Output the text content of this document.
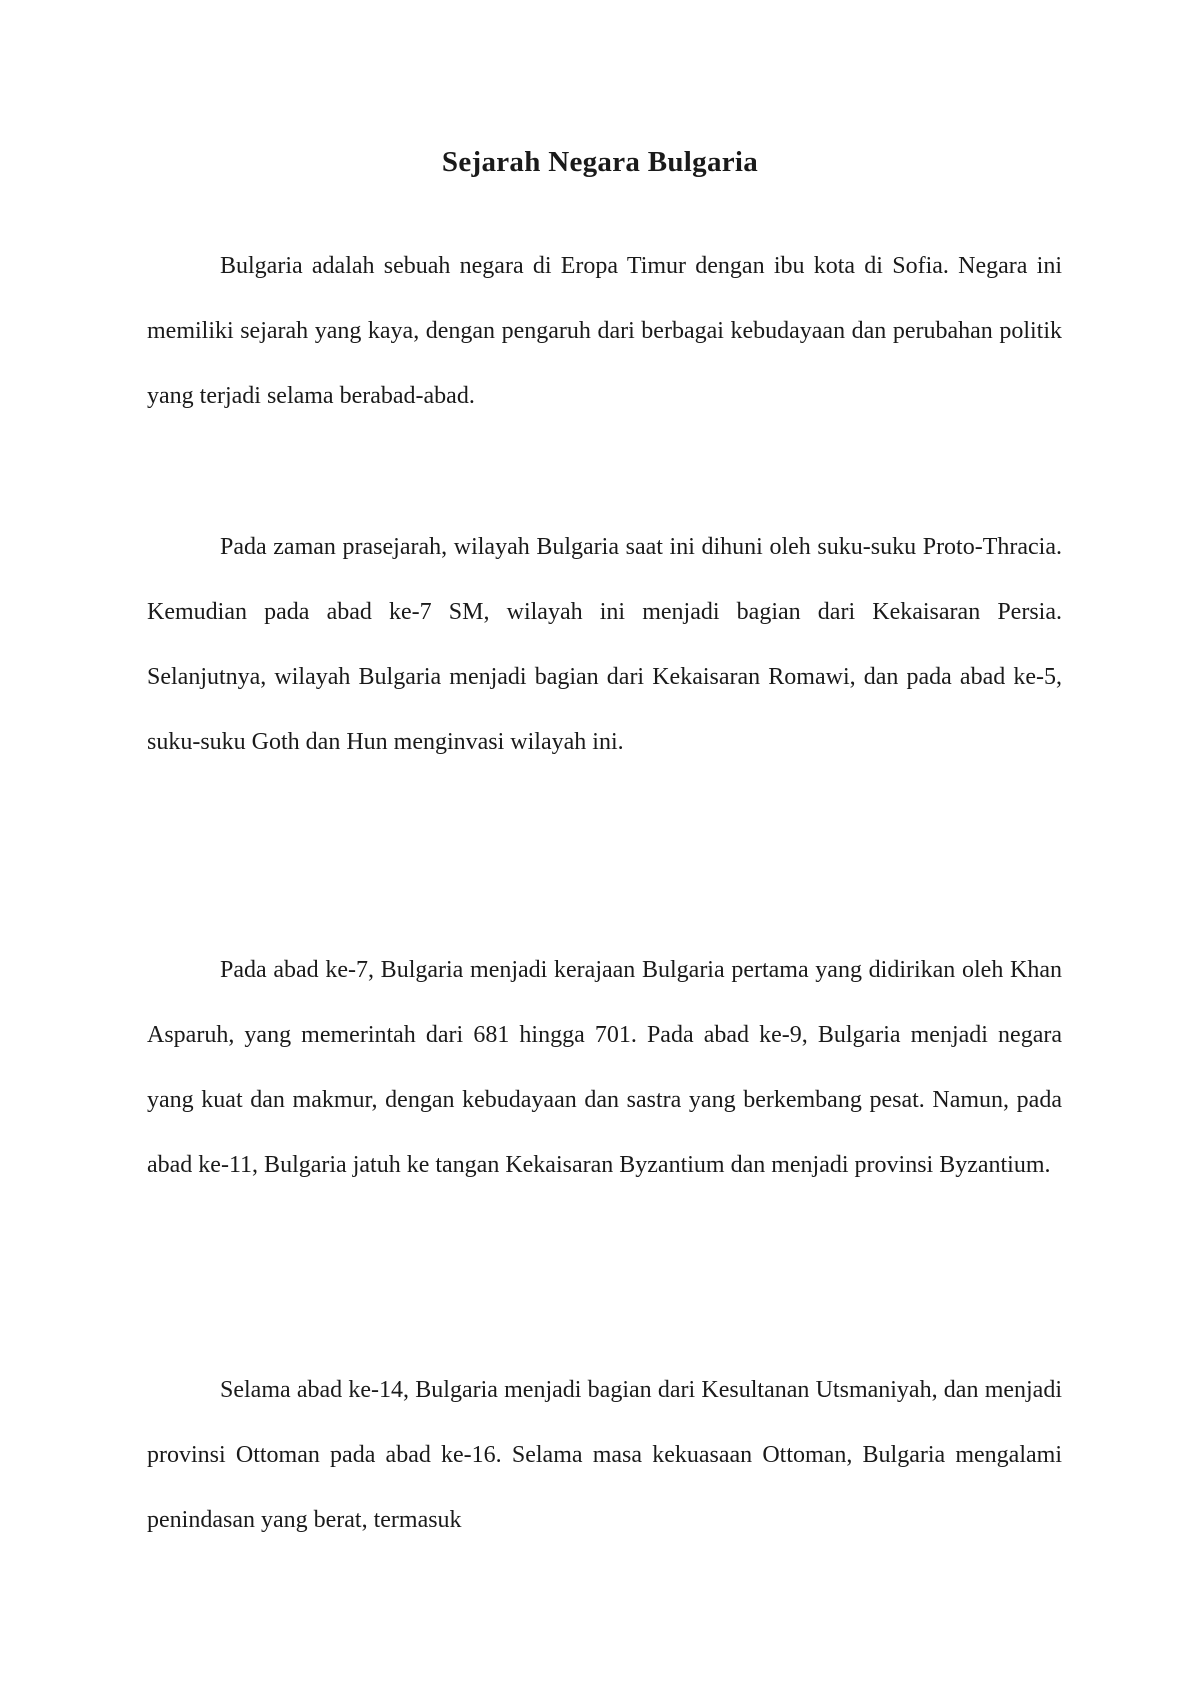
Sejarah Negara Bulgaria

Bulgaria adalah sebuah negara di Eropa Timur dengan ibu kota di Sofia. Negara ini memiliki sejarah yang kaya, dengan pengaruh dari berbagai kebudayaan dan perubahan politik yang terjadi selama berabad-abad.

Pada zaman prasejarah, wilayah Bulgaria saat ini dihuni oleh suku-suku Proto-Thracia. Kemudian pada abad ke-7 SM, wilayah ini menjadi bagian dari Kekaisaran Persia. Selanjutnya, wilayah Bulgaria menjadi bagian dari Kekaisaran Romawi, dan pada abad ke-5, suku-suku Goth dan Hun menginvasi wilayah ini.

Pada abad ke-7, Bulgaria menjadi kerajaan Bulgaria pertama yang didirikan oleh Khan Asparuh, yang memerintah dari 681 hingga 701. Pada abad ke-9, Bulgaria menjadi negara yang kuat dan makmur, dengan kebudayaan dan sastra yang berkembang pesat. Namun, pada abad ke-11, Bulgaria jatuh ke tangan Kekaisaran Byzantium dan menjadi provinsi Byzantium.

Selama abad ke-14, Bulgaria menjadi bagian dari Kesultanan Utsmaniyah, dan menjadi provinsi Ottoman pada abad ke-16. Selama masa kekuasaan Ottoman, Bulgaria mengalami penindasan yang berat, termasuk
